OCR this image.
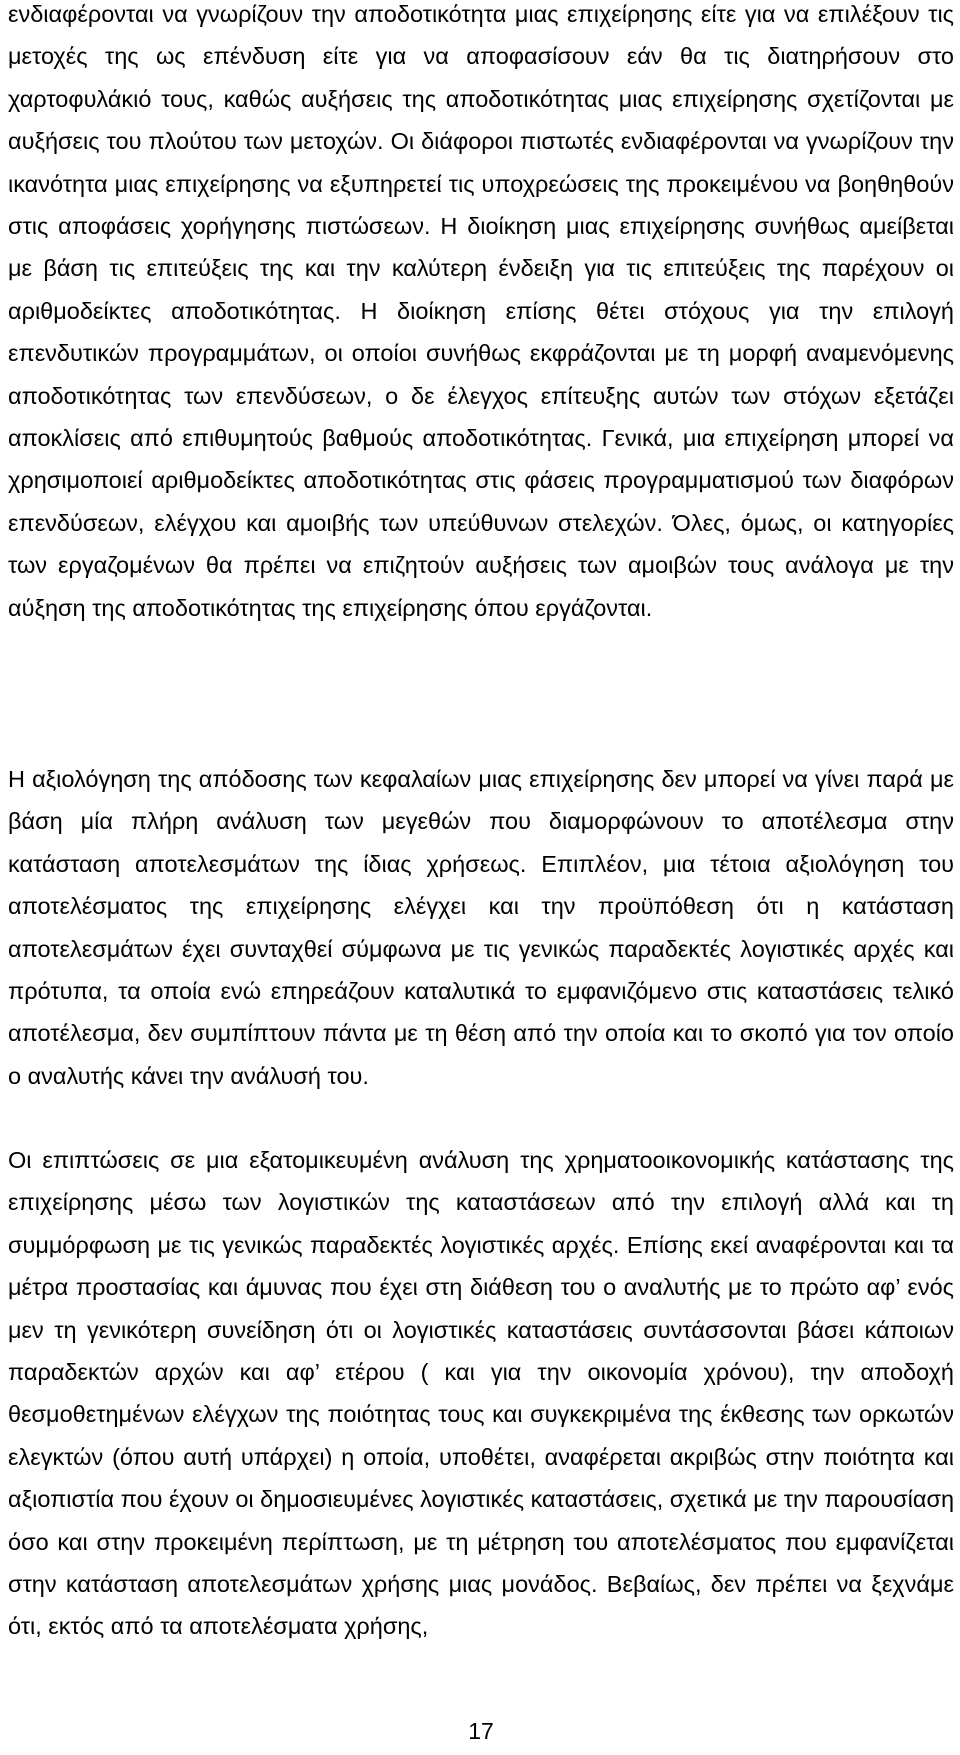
ενδιαφέρονται να γνωρίζουν την αποδοτικότητα μιας επιχείρησης είτε για να επιλέξουν τις μετοχές της ως επένδυση είτε για να αποφασίσουν εάν θα τις διατηρήσουν στο χαρτοφυλάκιό τους, καθώς αυξήσεις της αποδοτικότητας μιας επιχείρησης σχετίζονται με αυξήσεις του πλούτου των μετοχών. Οι διάφοροι πιστωτές ενδιαφέρονται να γνωρίζουν την ικανότητα μιας επιχείρησης να εξυπηρετεί τις υποχρεώσεις της προκειμένου να βοηθηθούν στις αποφάσεις χορήγησης πιστώσεων. Η διοίκηση μιας επιχείρησης συνήθως αμείβεται με βάση τις επιτεύξεις της και την καλύτερη ένδειξη για τις επιτεύξεις της παρέχουν οι αριθμοδείκτες αποδοτικότητας. Η διοίκηση επίσης θέτει στόχους για την επιλογή επενδυτικών προγραμμάτων, οι οποίοι συνήθως εκφράζονται με τη μορφή αναμενόμενης αποδοτικότητας των επενδύσεων, ο δε έλεγχος επίτευξης αυτών των στόχων εξετάζει αποκλίσεις από επιθυμητούς βαθμούς αποδοτικότητας. Γενικά, μια επιχείρηση μπορεί να χρησιμοποιεί αριθμοδείκτες αποδοτικότητας στις φάσεις προγραμματισμού των διαφόρων επενδύσεων, ελέγχου και αμοιβής των υπεύθυνων στελεχών. Όλες, όμως, οι κατηγορίες των εργαζομένων θα πρέπει να επιζητούν αυξήσεις των αμοιβών τους ανάλογα με την αύξηση της αποδοτικότητας της επιχείρησης όπου εργάζονται.

Η αξιολόγηση της απόδοσης των κεφαλαίων μιας επιχείρησης δεν μπορεί να γίνει παρά με βάση μία πλήρη ανάλυση των μεγεθών που διαμορφώνουν το αποτέλεσμα στην κατάσταση αποτελεσμάτων της ίδιας χρήσεως. Επιπλέον, μια τέτοια αξιολόγηση του αποτελέσματος της επιχείρησης ελέγχει και την προϋπόθεση ότι η κατάσταση αποτελεσμάτων έχει συνταχθεί σύμφωνα με τις γενικώς παραδεκτές λογιστικές αρχές και πρότυπα, τα οποία ενώ επηρεάζουν καταλυτικά το εμφανιζόμενο στις καταστάσεις τελικό αποτέλεσμα, δεν συμπίπτουν πάντα με τη θέση από την οποία και το σκοπό για τον οποίο ο αναλυτής κάνει την ανάλυσή του.

Οι επιπτώσεις σε μια εξατομικευμένη ανάλυση της χρηματοοικονομικής κατάστασης της επιχείρησης μέσω των λογιστικών της καταστάσεων από την επιλογή αλλά και τη συμμόρφωση με τις γενικώς παραδεκτές λογιστικές αρχές. Επίσης εκεί αναφέρονται και τα μέτρα προστασίας και άμυνας που έχει στη διάθεση του ο αναλυτής με το πρώτο αφ’ ενός μεν τη γενικότερη συνείδηση ότι οι λογιστικές καταστάσεις συντάσσονται βάσει κάποιων παραδεκτών αρχών και αφ’ ετέρου ( και για την οικονομία χρόνου), την αποδοχή θεσμοθετημένων ελέγχων της ποιότητας τους και συγκεκριμένα της έκθεσης των ορκωτών ελεγκτών (όπου αυτή υπάρχει) η οποία, υποθέτει, αναφέρεται ακριβώς στην ποιότητα και αξιοπιστία που έχουν οι δημοσιευμένες λογιστικές καταστάσεις, σχετικά με την παρουσίαση όσο και στην προκειμένη περίπτωση, με τη μέτρηση του αποτελέσματος που εμφανίζεται στην κατάσταση αποτελεσμάτων χρήσης μιας μονάδος. Βεβαίως, δεν πρέπει να ξεχνάμε ότι, εκτός από τα αποτελέσματα χρήσης,

17
